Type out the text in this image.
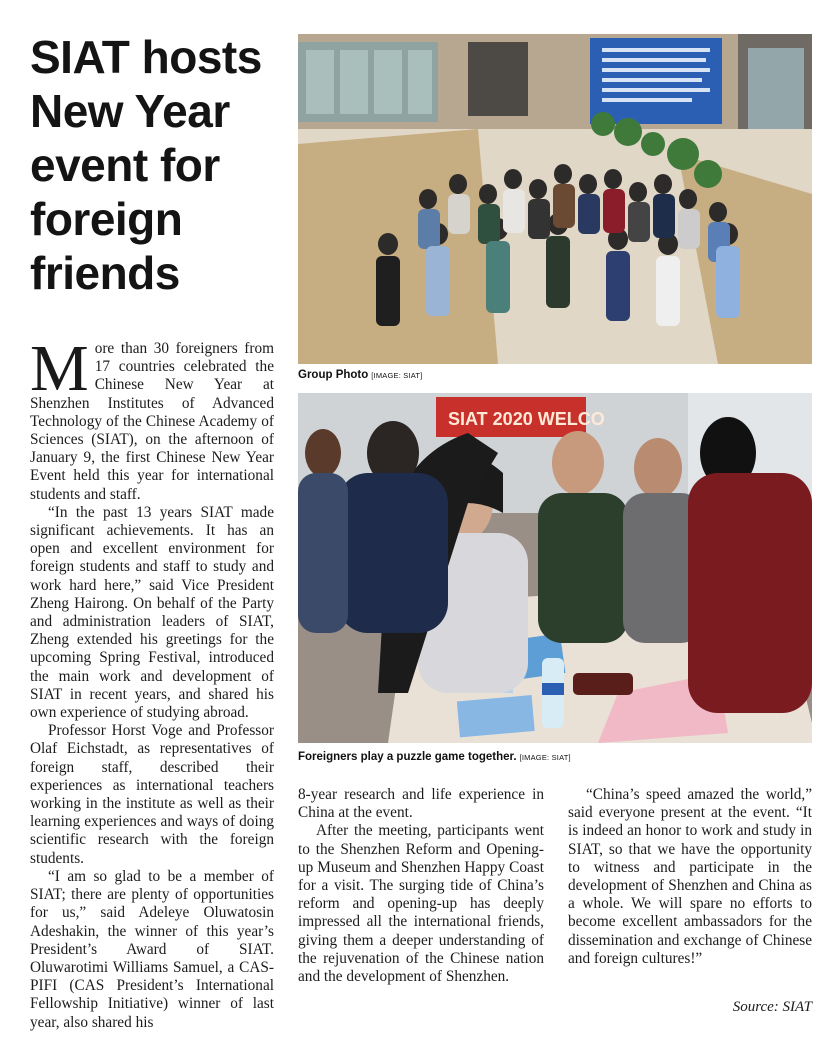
SIAT hosts
New Year
event for
foreign
friends

More than 30 foreigners from 17 countries celebrated the Chinese New Year at Shenzhen Institutes of Advanced Technology of the Chinese Academy of Sciences (SIAT), on the afternoon of January 9, the first Chinese New Year Event held this year for international students and staff.

“In the past 13 years SIAT made significant achievements. It has an open and excellent environment for foreign students and staff to study and work hard here,” said Vice President Zheng Hairong. On behalf of the Party and administration leaders of SIAT, Zheng extended his greetings for the upcoming Spring Festival, introduced the main work and development of SIAT in recent years, and shared his own experience of studying abroad.

Professor Horst Voge and Professor Olaf Eichstadt, as representatives of foreign staff, described their experiences as international teachers working in the institute as well as their learning experiences and ways of doing scientific research with the foreign students.

“I am so glad to be a member of SIAT; there are plenty of opportunities for us,” said Adeleye Oluwatosin Adeshakin, the winner of this year’s President’s Award of SIAT. Oluwarotimi Williams Samuel, a CAS-PIFI (CAS President’s International Fellowship Initiative) winner of last year, also shared his

Group Photo [IMAGE: SIAT]
SIAT 2020 WELCO
Foreigners play a puzzle game together. [IMAGE: SIAT]

8-year research and life experience in China at the event.

After the meeting, participants went to the Shenzhen Reform and Opening-up Museum and Shenzhen Happy Coast for a visit. The surging tide of China’s reform and opening-up has deeply impressed all the international friends, giving them a deeper understanding of the rejuvenation of the Chinese nation and the development of Shenzhen.

“China’s speed amazed the world,” said everyone present at the event. “It is indeed an honor to work and study in SIAT, so that we have the opportunity to witness and participate in the development of Shenzhen and China as a whole. We will spare no efforts to become excellent ambassadors for the dissemination and exchange of Chinese and foreign cultures!”

Source: SIAT
